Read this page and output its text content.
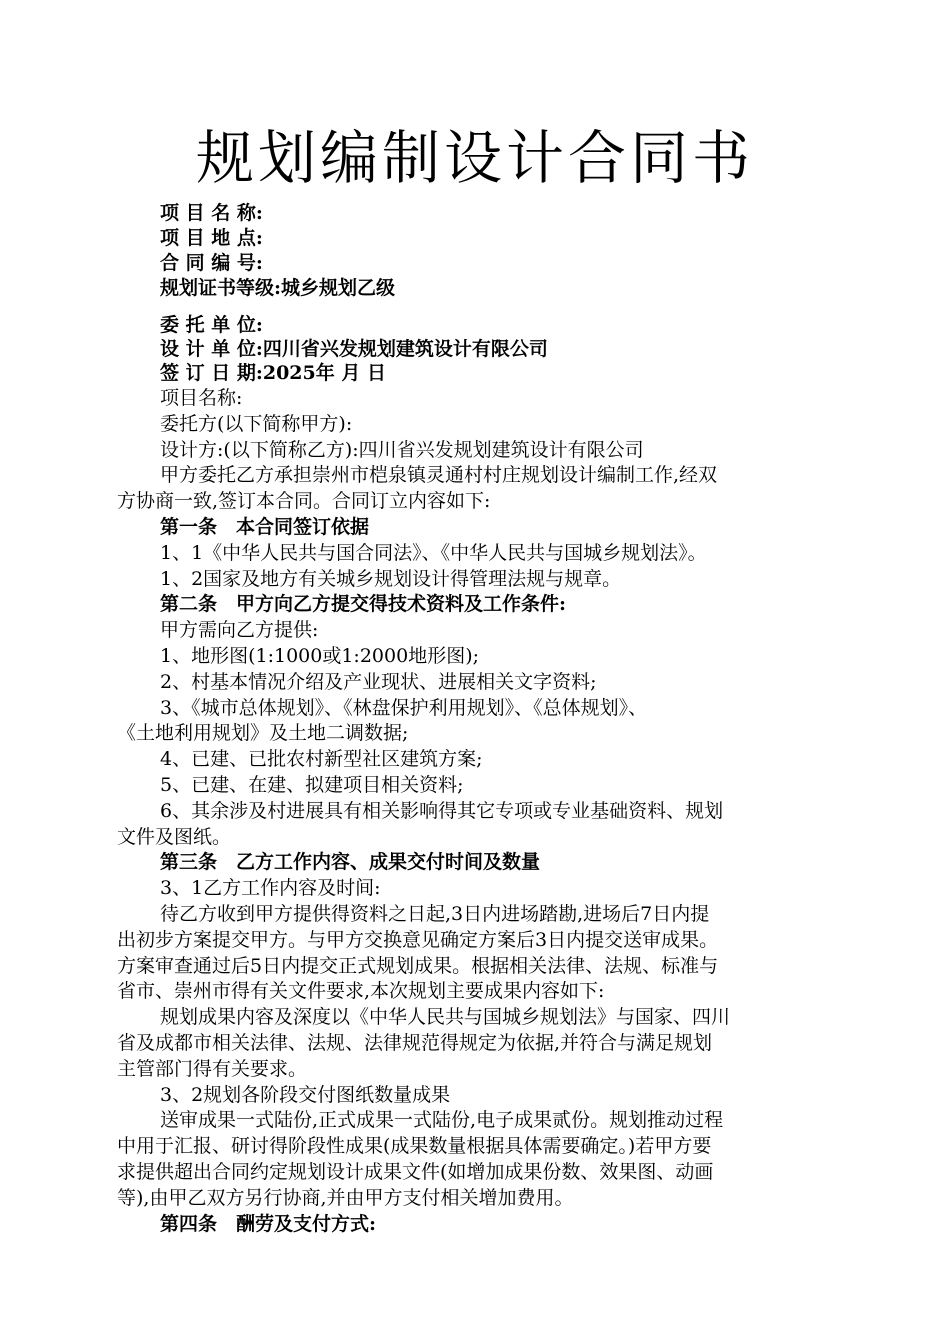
规划编制设计合同书
项 目 名 称:
项 目 地 点:
合 同 编 号:
规划证书等级:城乡规划乙级
委 托 单 位:
设 计 单 位:四川省兴发规划建筑设计有限公司
签 订 日 期:2025年 月 日
项目名称:
委托方(以下简称甲方):
设计方:(以下简称乙方):四川省兴发规划建筑设计有限公司
甲方委托乙方承担崇州市桤泉镇灵通村村庄规划设计编制工作,经双
方协商一致,签订本合同。合同订立内容如下:
第一条　本合同签订依据
1、1《中华人民共与国合同法》、《中华人民共与国城乡规划法》。
1、2国家及地方有关城乡规划设计得管理法规与规章。
第二条　甲方向乙方提交得技术资料及工作条件:
甲方需向乙方提供:
1、地形图(1:1000或1:2000地形图);
2、村基本情况介绍及产业现状、进展相关文字资料;
3、《城市总体规划》、《林盘保护利用规划》、《总体规划》、
《土地利用规划》及土地二调数据;
4、已建、已批农村新型社区建筑方案;
5、已建、在建、拟建项目相关资料;
6、其余涉及村进展具有相关影响得其它专项或专业基础资料、规划
文件及图纸。
第三条　乙方工作内容、成果交付时间及数量
3、1乙方工作内容及时间:
待乙方收到甲方提供得资料之日起,3日内进场踏勘,进场后7日内提
出初步方案提交甲方。与甲方交换意见确定方案后3日内提交送审成果。
方案审查通过后5日内提交正式规划成果。根据相关法律、法规、标准与
省市、崇州市得有关文件要求,本次规划主要成果内容如下:
规划成果内容及深度以《中华人民共与国城乡规划法》与国家、四川
省及成都市相关法律、法规、法律规范得规定为依据,并符合与满足规划
主管部门得有关要求。
3、2规划各阶段交付图纸数量成果
送审成果一式陆份,正式成果一式陆份,电子成果贰份。规划推动过程
中用于汇报、研讨得阶段性成果(成果数量根据具体需要确定。)若甲方要
求提供超出合同约定规划设计成果文件(如增加成果份数、效果图、动画
等),由甲乙双方另行协商,并由甲方支付相关增加费用。
第四条　酬劳及支付方式:
